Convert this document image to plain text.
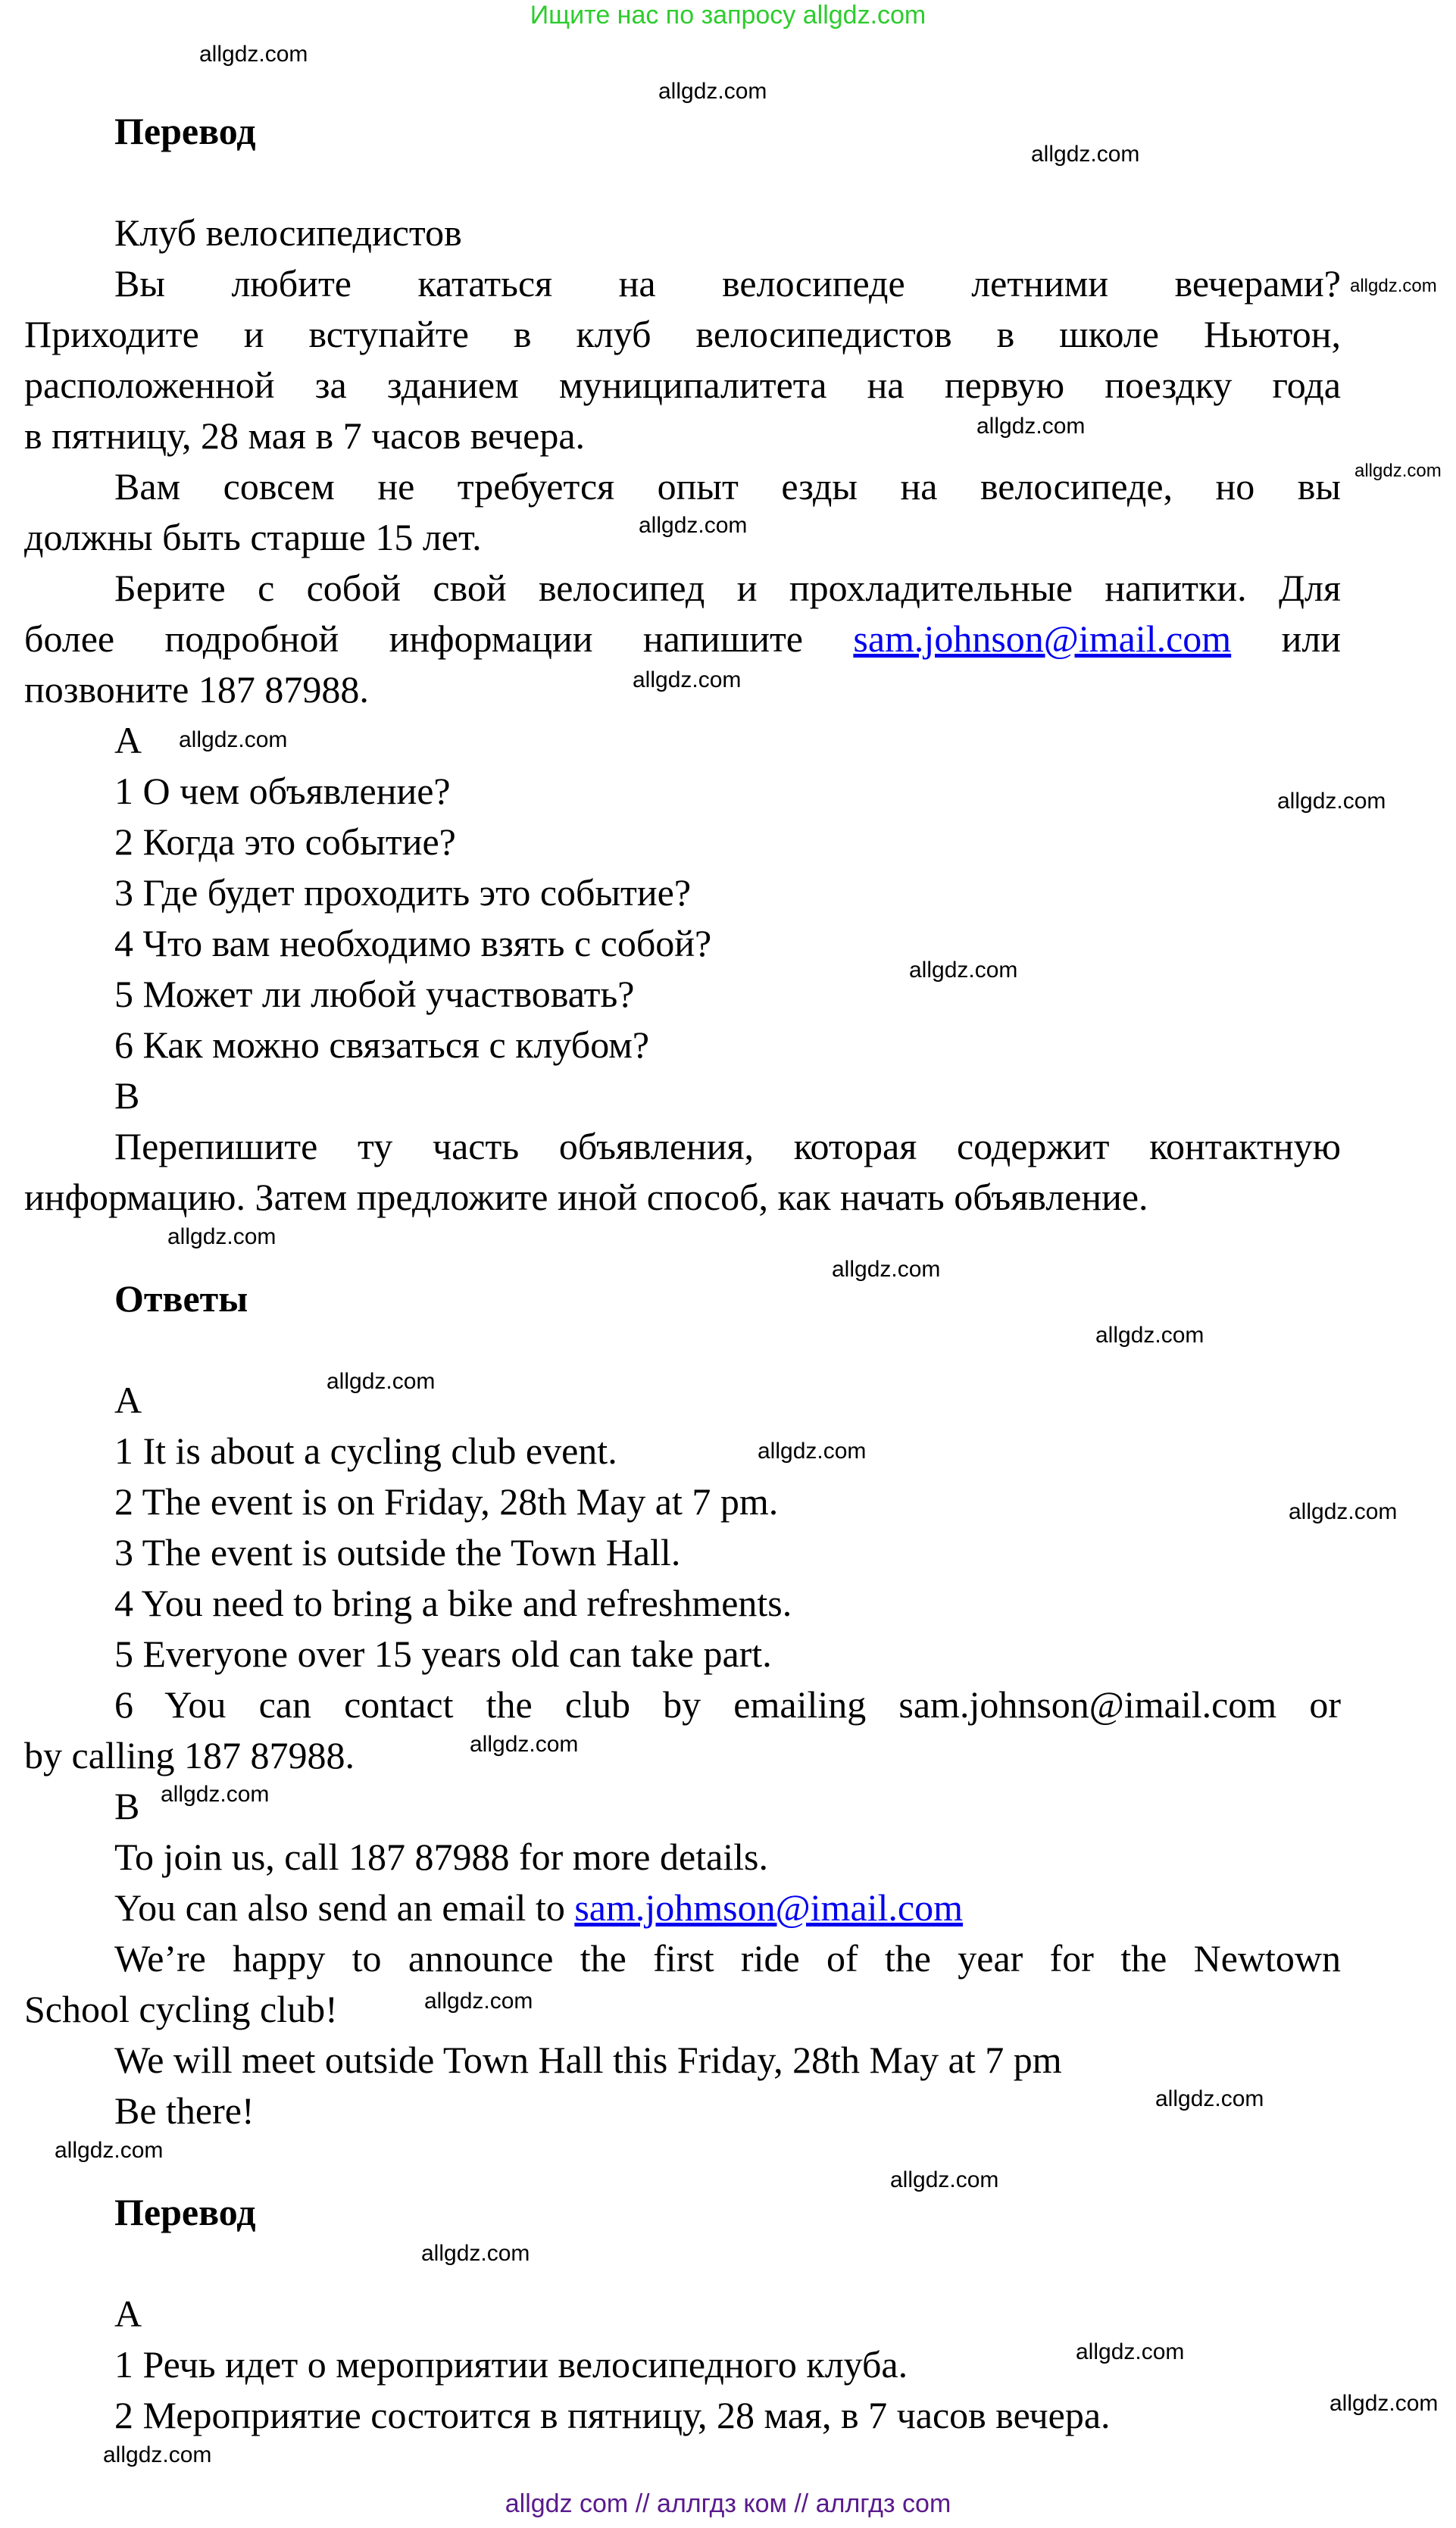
Ищите нас по запросу allgdz.com
Перевод
Клуб велосипедистов
Вы любите кататься на велосипеде летними вечерами?
Приходите и вступайте в клуб велосипедистов в школе Ньютон,
расположенной за зданием муниципалитета на первую поездку года
в пятницу, 28 мая в 7 часов вечера.
Вам совсем не требуется опыт езды на велосипеде, но вы
должны быть старше 15 лет.
Берите с собой свой велосипед и прохладительные напитки. Для
более подробной информации напишите sam.johnson@imail.com или
позвоните 187 87988.
A
1 О чем объявление?
2 Когда это событие?
3 Где будет проходить это событие?
4 Что вам необходимо взять с собой?
5 Может ли любой участвовать?
6 Как можно связаться с клубом?
B
Перепишите ту часть объявления, которая содержит контактную
информацию. Затем предложите иной способ, как начать объявление.
Ответы
A
1 It is about a cycling club event.
2 The event is on Friday, 28th May at 7 pm.
3 The event is outside the Town Hall.
4 You need to bring a bike and refreshments.
5 Everyone over 15 years old can take part.
6 You can contact the club by emailing sam.johnson@imail.com or
by calling 187 87988.
B
To join us, call 187 87988 for more details.
You can also send an email to sam.johmson@imail.com
We’re happy to announce the first ride of the year for the Newtown
School cycling club!
We will meet outside Town Hall this Friday, 28th May at 7 pm
Be there!
Перевод
A
1 Речь идет о мероприятии велосипедного клуба.
2 Мероприятие состоится в пятницу, 28 мая, в 7 часов вечера.
allgdz.com
allgdz.com
allgdz.com
allgdz.com
allgdz.com
allgdz.com
allgdz.com
allgdz.com
allgdz.com
allgdz.com
allgdz.com
allgdz.com
allgdz.com
allgdz.com
allgdz.com
allgdz.com
allgdz.com
allgdz.com
allgdz.com
allgdz.com
allgdz.com
allgdz.com
allgdz.com
allgdz.com
allgdz.com
allgdz.com
allgdz.com
allgdz com // аллгдз ком // аллгдз com
